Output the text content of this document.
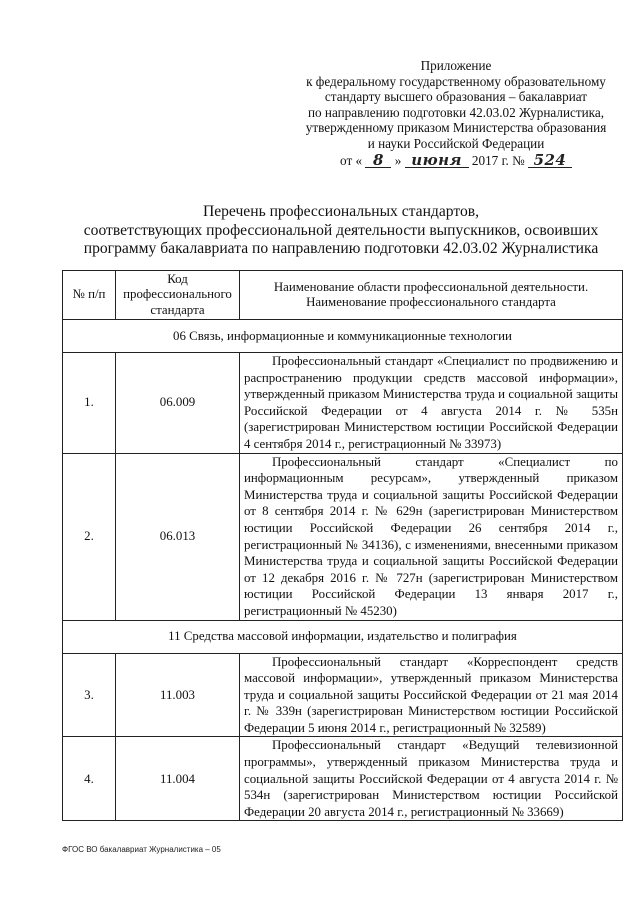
Приложение
к федеральному государственному образовательному
стандарту высшего образования – бакалавриат
по направлению подготовки 42.03.02 Журналистика,
утвержденному приказом Министерства образования
и науки Российской Федерации
от « 8 » июня 2017 г. № 524
Перечень профессиональных стандартов,
соответствующих профессиональной деятельности выпускников, освоивших
программу бакалавриата по направлению подготовки 42.03.02 Журналистика
№ п/п	Код профессионального стандарта	Наименование области профессиональной деятельности. Наименование профессионального стандарта
06 Связь, информационные и коммуникационные технологии		
1.	06.009	Профессиональный стандарт «Специалист по продвижению и распространению продукции средств массовой информации», утвержденный приказом Министерства труда и социальной защиты Российской Федерации от 4 августа 2014 г. № 535н (зарегистрирован Министерством юстиции Российской Федерации 4 сентября 2014 г., регистрационный № 33973)
2.	06.013	Профессиональный стандарт «Специалист по информационным ресурсам», утвержденный приказом Министерства труда и социальной защиты Российской Федерации от 8 сентября 2014 г. № 629н (зарегистрирован Министерством юстиции Российской Федерации 26 сентября 2014 г., регистрационный № 34136), с изменениями, внесенными приказом Министерства труда и социальной защиты Российской Федерации от 12 декабря 2016 г. № 727н (зарегистрирован Министерством юстиции Российской Федерации 13 января 2017 г., регистрационный № 45230)
11 Средства массовой информации, издательство и полиграфия		
3.	11.003	Профессиональный стандарт «Корреспондент средств массовой информации», утвержденный приказом Министерства труда и социальной защиты Российской Федерации от 21 мая 2014 г. № 339н (зарегистрирован Министерством юстиции Российской Федерации 5 июня 2014 г., регистрационный № 32589)
4.	11.004	Профессиональный стандарт «Ведущий телевизионной программы», утвержденный приказом Министерства труда и социальной защиты Российской Федерации от 4 августа 2014 г. № 534н (зарегистрирован Министерством юстиции Российской Федерации 20 августа 2014 г., регистрационный № 33669)
ФГОС ВО бакалавриат Журналистика – 05
